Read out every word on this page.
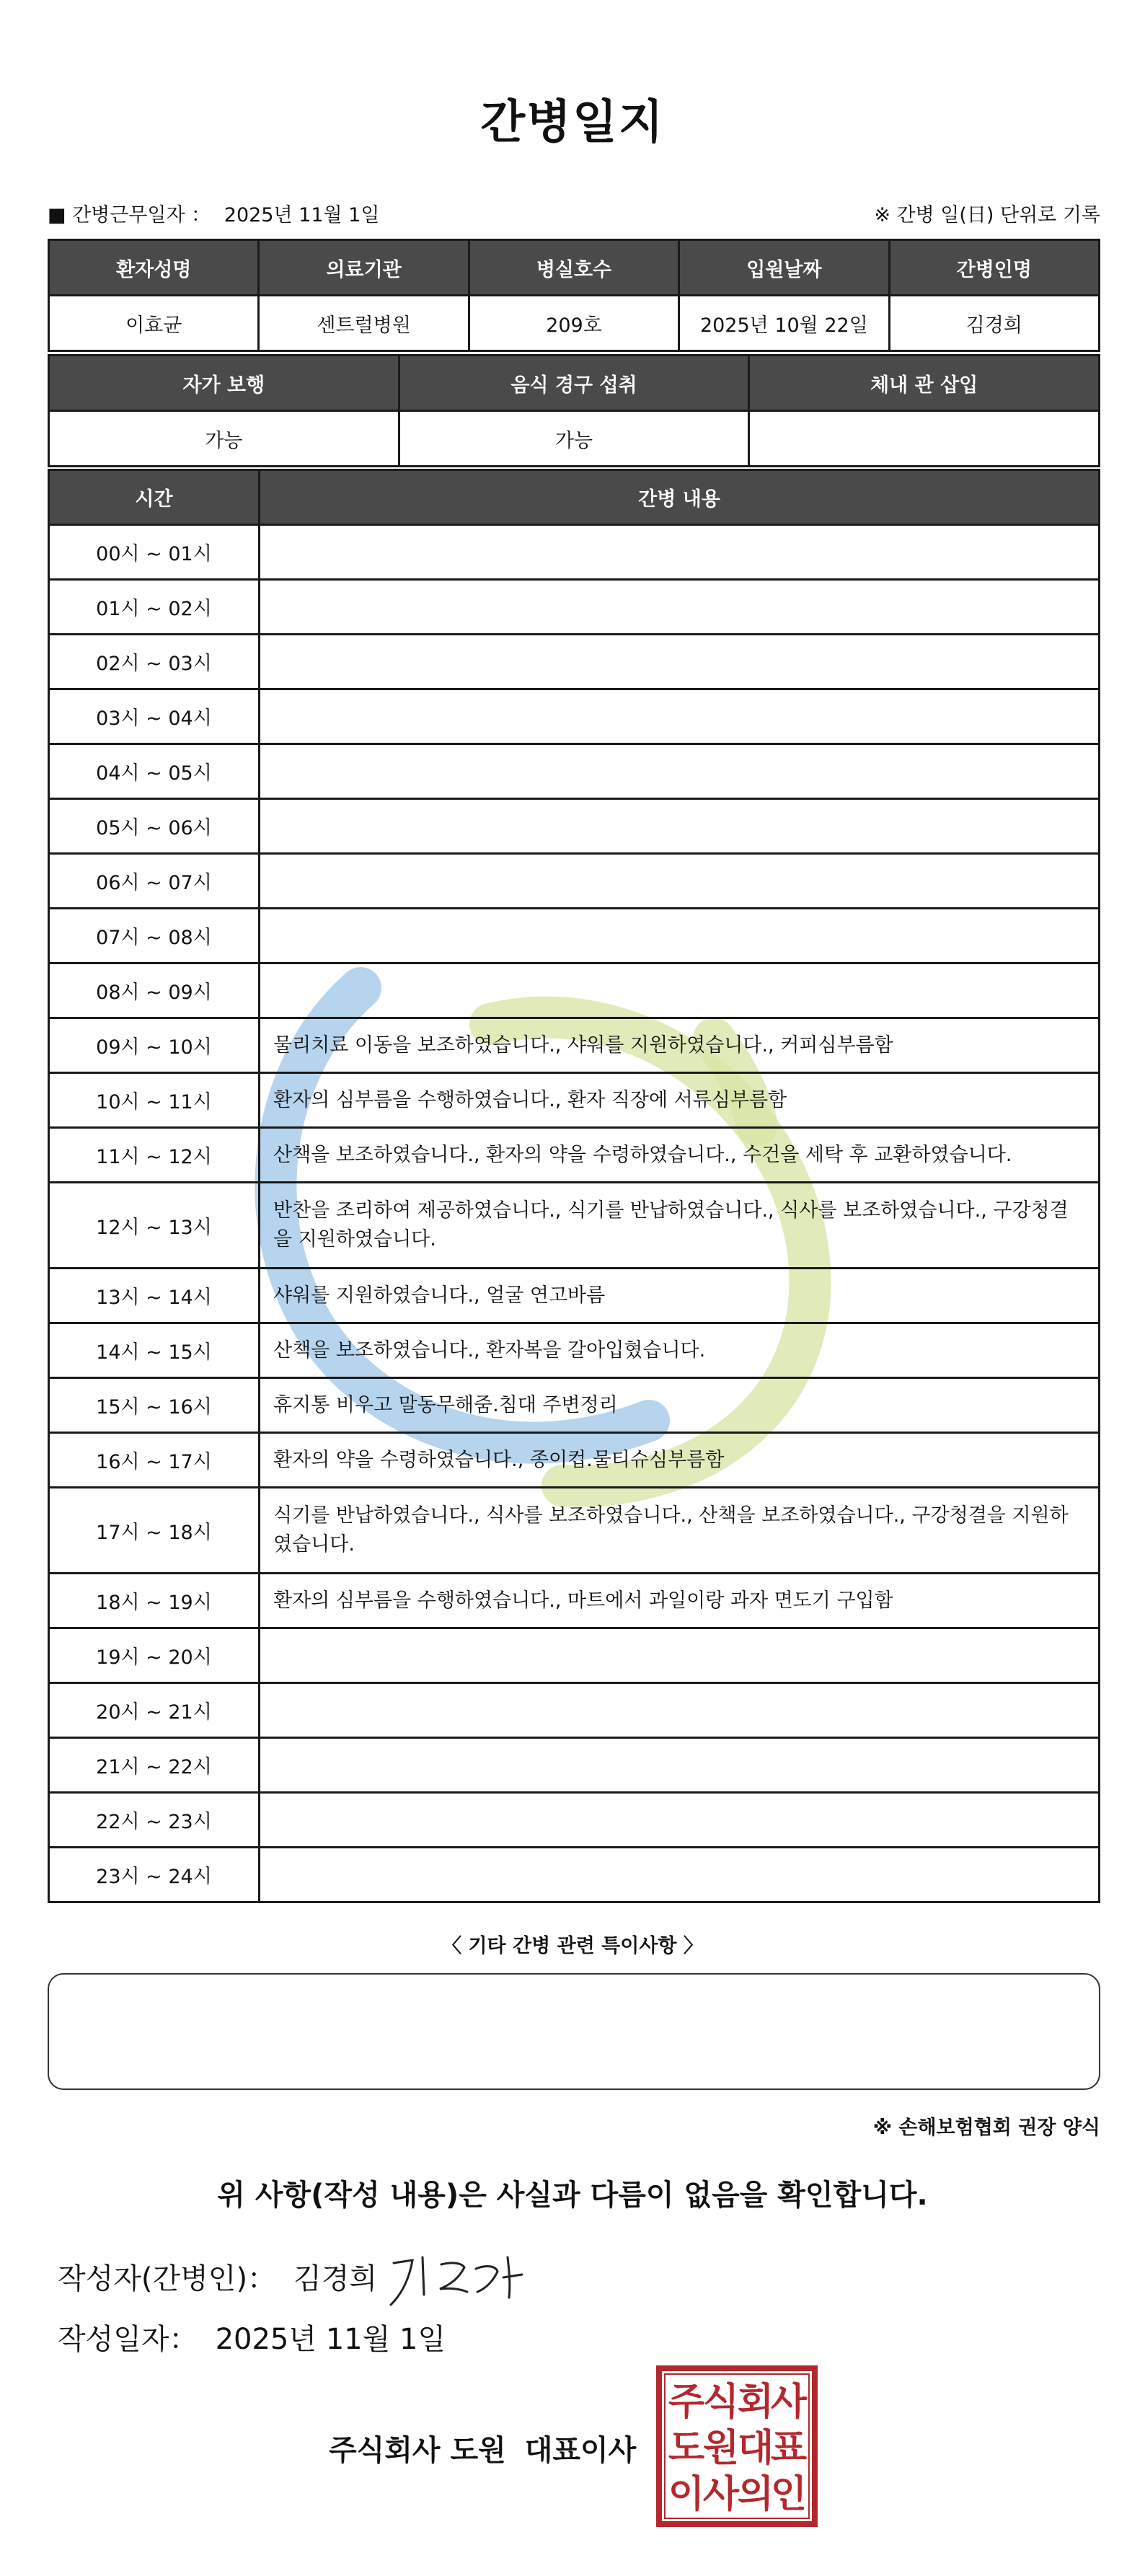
간병일지
■ 간병근무일자 ： 2025년 11월 1일	※ 간병 일(日) 단위로 기록
환자성명	의료기관	병실호수	입원날짜	간병인명
이효균	센트럴병원	209호	2025년 10월 22일	김경희
자가 보행	음식 경구 섭취	체내 관 삽입
가능	가능	
시간	간병 내용
00시 ~ 01시	
01시 ~ 02시	
02시 ~ 03시	
03시 ~ 04시	
04시 ~ 05시	
05시 ~ 06시	
06시 ~ 07시	
07시 ~ 08시	
08시 ~ 09시	
09시 ~ 10시	물리치료 이동을 보조하였습니다., 샤워를 지원하였습니다., 커피심부름함
10시 ~ 11시	환자의 심부름을 수행하였습니다., 환자 직장에 서류심부름함
11시 ~ 12시	산책을 보조하였습니다., 환자의 약을 수령하였습니다., 수건을 세탁 후 교환하였습니다.
12시 ~ 13시	반찬을 조리하여 제공하였습니다., 식기를 반납하였습니다., 식사를 보조하였습니다., 구강청결을 지원하였습니다.
13시 ~ 14시	샤워를 지원하였습니다., 얼굴 연고바름
14시 ~ 15시	산책을 보조하였습니다., 환자복을 갈아입혔습니다.
15시 ~ 16시	휴지통 비우고 말동무해줌.침대 주변정리
16시 ~ 17시	환자의 약을 수령하였습니다., 종이컵.물티슈심부름함
17시 ~ 18시	식기를 반납하였습니다., 식사를 보조하였습니다., 산책을 보조하였습니다., 구강청결을 지원하였습니다.
18시 ~ 19시	환자의 심부름을 수행하였습니다., 마트에서 과일이랑 과자 면도기 구입함
19시 ~ 20시	
20시 ~ 21시	
21시 ~ 22시	
22시 ~ 23시	
23시 ~ 24시	
〈 기타 간병 관련 특이사항 〉
※ 손해보험협회 권장 양식
위 사항(작성 내용)은 사실과 다름이 없음을 확인합니다.
작성자(간병인)： 김경희
작성일자： 2025년 11월 1일
주식회사 도원 대표이사
주
식
회
사
도
원
대
표
이
사
의
인
